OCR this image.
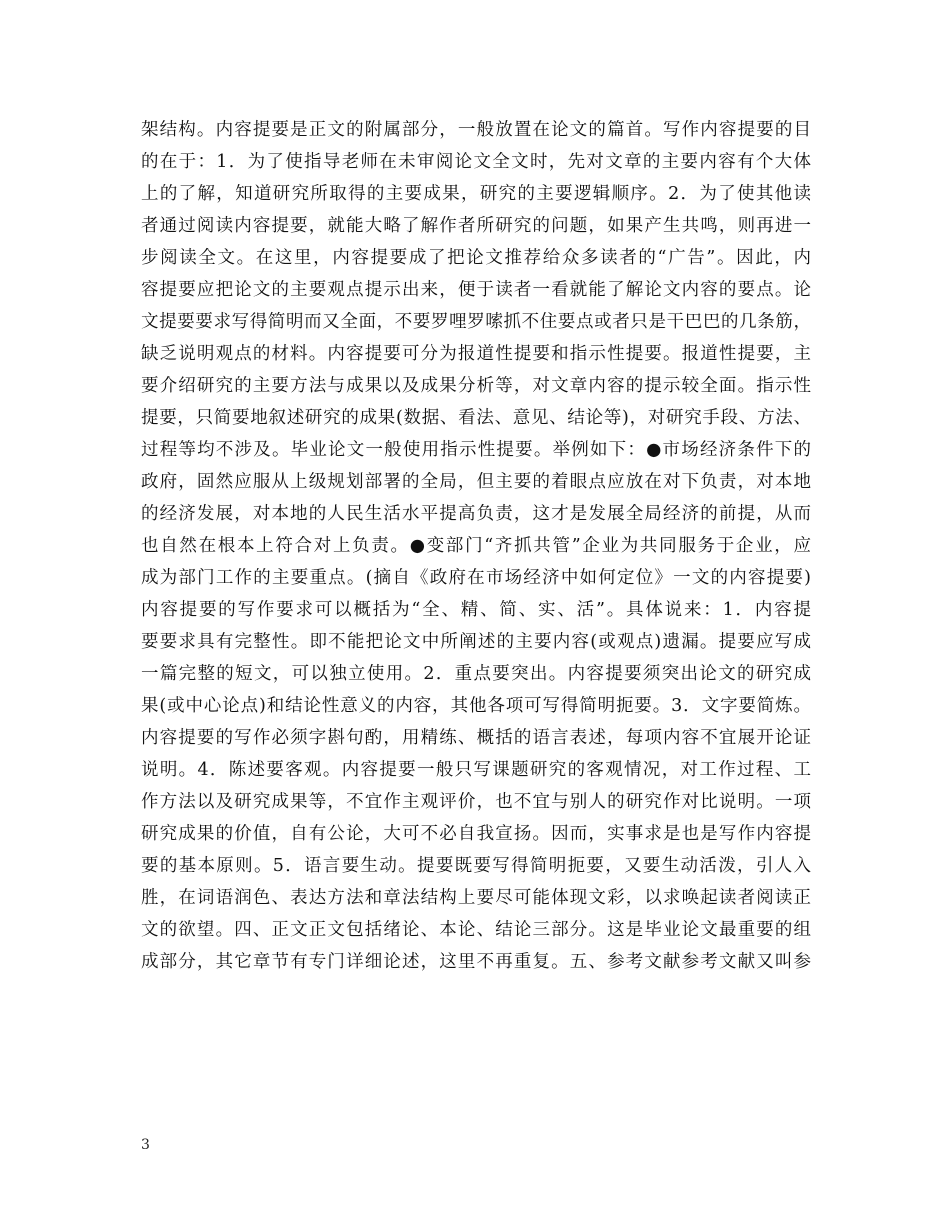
架结构。内容提要是正文的附属部分，一般放置在论文的篇首。写作内容提要的目
的在于：1．为了使指导老师在未审阅论文全文时，先对文章的主要内容有个大体
上的了解，知道研究所取得的主要成果，研究的主要逻辑顺序。2．为了使其他读
者通过阅读内容提要，就能大略了解作者所研究的问题，如果产生共鸣，则再进一
步阅读全文。在这里，内容提要成了把论文推荐给众多读者的“广告”。因此，内
容提要应把论文的主要观点提示出来，便于读者一看就能了解论文内容的要点。论
文提要要求写得简明而又全面，不要罗哩罗嗦抓不住要点或者只是干巴巴的几条筋，
缺乏说明观点的材料。内容提要可分为报道性提要和指示性提要。报道性提要，主
要介绍研究的主要方法与成果以及成果分析等，对文章内容的提示较全面。指示性
提要，只简要地叙述研究的成果(数据、看法、意见、结论等)，对研究手段、方法、
过程等均不涉及。毕业论文一般使用指示性提要。举例如下：●市场经济条件下的
政府，固然应服从上级规划部署的全局，但主要的着眼点应放在对下负责，对本地
的经济发展，对本地的人民生活水平提高负责，这才是发展全局经济的前提，从而
也自然在根本上符合对上负责。●变部门“齐抓共管”企业为共同服务于企业，应
成为部门工作的主要重点。(摘自《政府在市场经济中如何定位》一文的内容提要)
内容提要的写作要求可以概括为“全、精、简、实、活”。具体说来：1．内容提
要要求具有完整性。即不能把论文中所阐述的主要内容(或观点)遗漏。提要应写成
一篇完整的短文，可以独立使用。2．重点要突出。内容提要须突出论文的研究成
果(或中心论点)和结论性意义的内容，其他各项可写得简明扼要。3．文字要简炼。
内容提要的写作必须字斟句酌，用精练、概括的语言表述，每项内容不宜展开论证
说明。4．陈述要客观。内容提要一般只写课题研究的客观情况，对工作过程、工
作方法以及研究成果等，不宜作主观评价，也不宜与别人的研究作对比说明。一项
研究成果的价值，自有公论，大可不必自我宣扬。因而，实事求是也是写作内容提
要的基本原则。5．语言要生动。提要既要写得简明扼要，又要生动活泼，引人入
胜，在词语润色、表达方法和章法结构上要尽可能体现文彩，以求唤起读者阅读正
文的欲望。四、正文正文包括绪论、本论、结论三部分。这是毕业论文最重要的组
成部分，其它章节有专门详细论述，这里不再重复。五、参考文献参考文献又叫参
3
